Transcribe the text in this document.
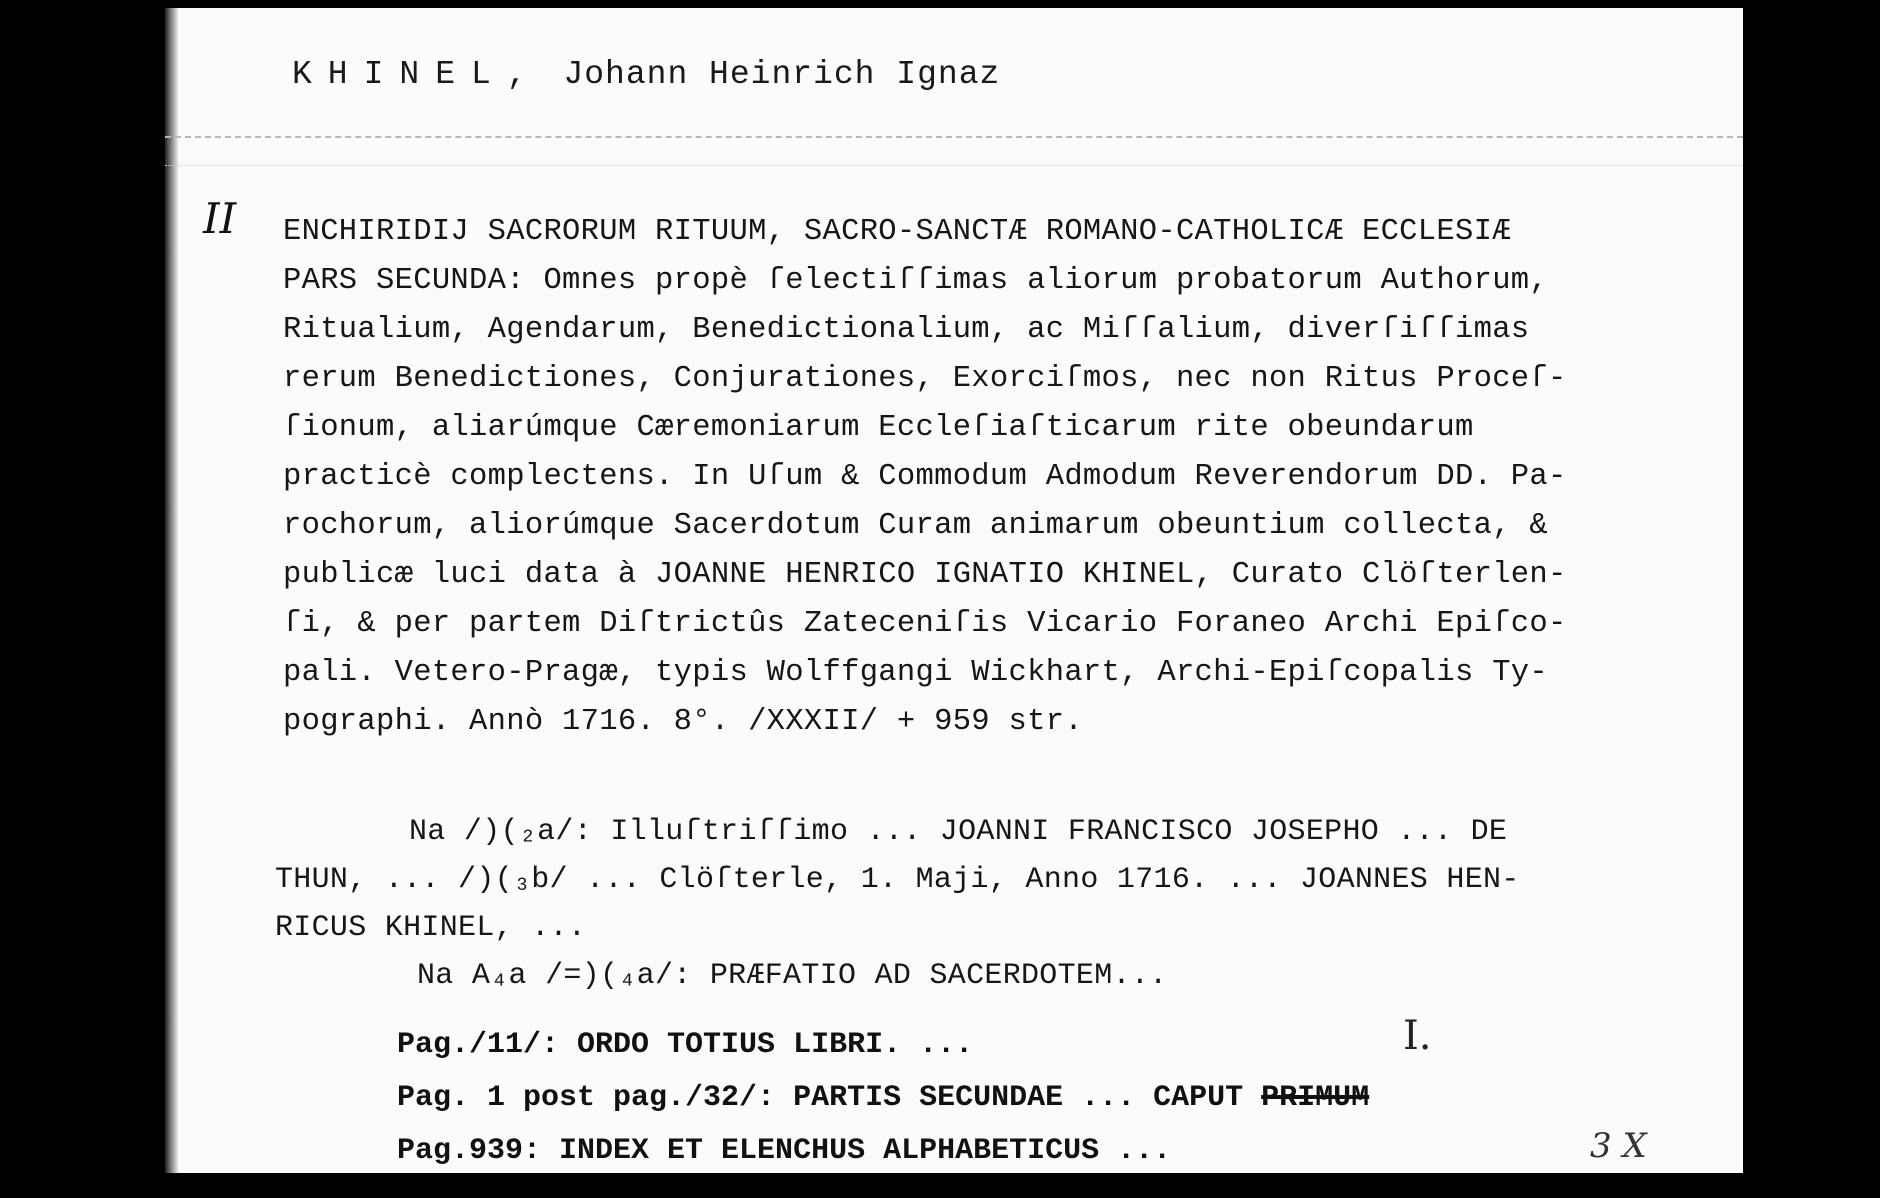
KHINEL, Johann Heinrich Ignaz
II ENCHIRIDIJ SACRORUM RITUUM, SACRO-SANCTÆ ROMANO-CATHOLICÆ ECCLESIÆ
PARS SECUNDA: Omnes propè ſelectiſſimas aliorum probatorum Authorum,
Ritualium, Agendarum, Benedictionalium, ac Miſſalium, diverſiſſimas
rerum Benedictiones, Conjurationes, Exorciſmos, nec non Ritus Proceſ-
ſionum, aliarúmque Cæremoniarum Eccleſiaſticarum rite obeundarum
practicè complectens. In Uſum & Commodum Admodum Reverendorum DD. Pa-
rochorum, aliorúmque Sacerdotum Curam animarum obeuntium collecta, &
publicæ luci data à JOANNE HENRICO IGNATIO KHINEL, Curato Clöſterlen-
ſi, & per partem Diſtrictûs Zateceniſis Vicario Foraneo Archi Epiſco-
pali. Vetero-Pragæ, typis Wolffgangi Wickhart, Archi-Epiſcopalis Ty-
pographi. Annò 1716. 8°. /XXXII/ + 959 str.
Na /)(₂a/: Illuſtriſſimo ... JOANNI FRANCISCO JOSEPHO ... DE
THUN, ... /)(₃b/ ... Clöſterle, 1. Maji, Anno 1716. ... JOANNES HEN-
RICUS KHINEL, ...
Na A₄a /=)(₄a/: PRÆFATIO AD SACERDOTEM...
Pag./11/: ORDO TOTIUS LIBRI. ...
Pag. 1 post pag./32/: PARTIS SECUNDAE ... CAPUT PRIMUM
Pag.939: INDEX ET ELENCHUS ALPHABETICUS ...
I.
3 X
